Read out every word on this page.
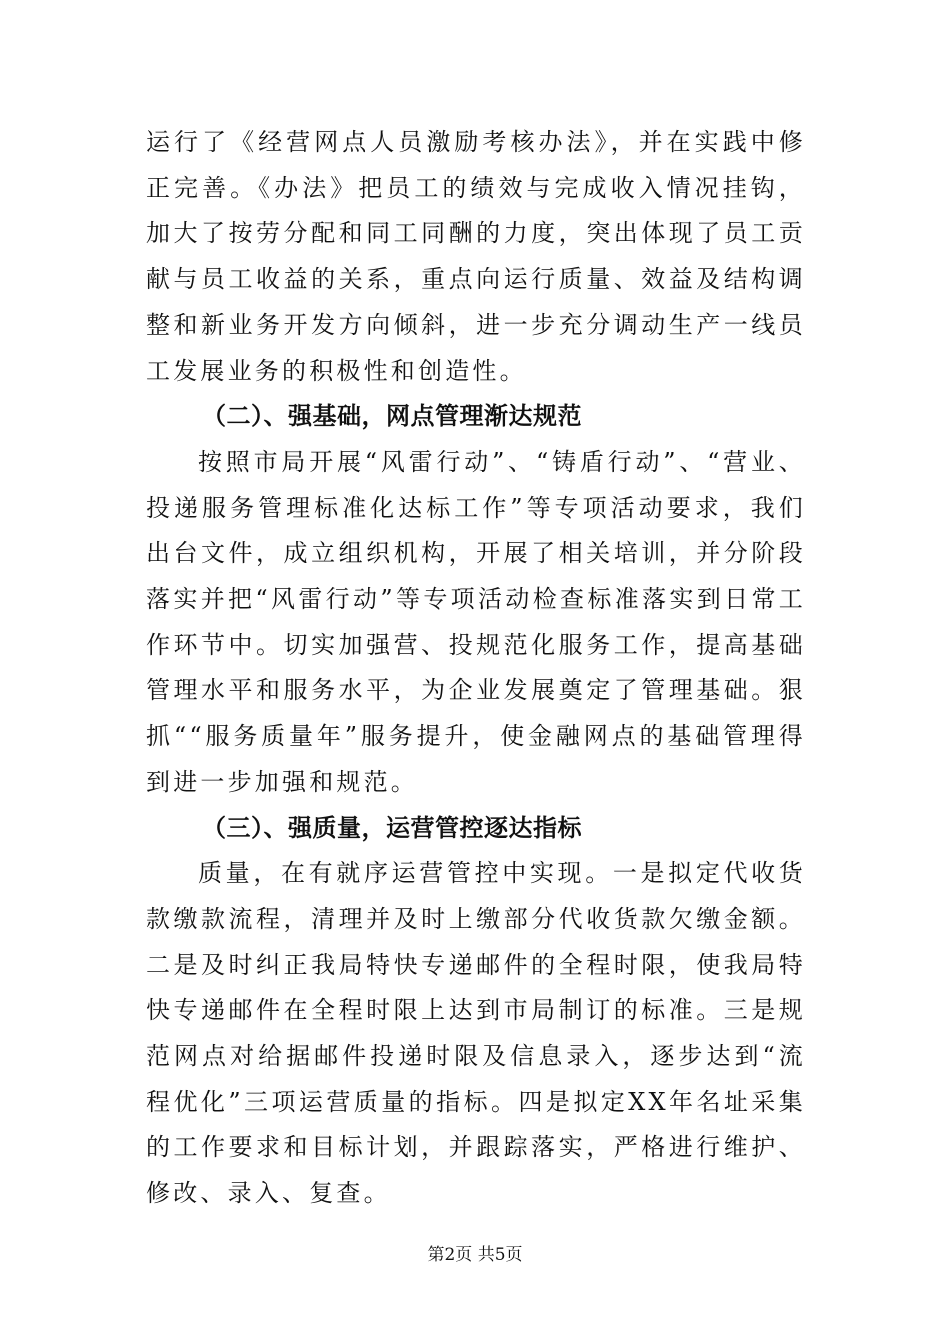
运行了《经营网点人员激励考核办法》，并在实践中修正完善。《办法》把员工的绩效与完成收入情况挂钩，加大了按劳分配和同工同酬的力度，突出体现了员工贡献与员工收益的关系，重点向运行质量、效益及结构调整和新业务开发方向倾斜，进一步充分调动生产一线员工发展业务的积极性和创造性。

（二）、强基础，网点管理渐达规范

按照市局开展“风雷行动”、“铸盾行动”、“营业、投递服务管理标准化达标工作”等专项活动要求，我们出台文件，成立组织机构，开展了相关培训，并分阶段落实并把“风雷行动”等专项活动检查标准落实到日常工作环节中。切实加强营、投规范化服务工作，提高基础管理水平和服务水平，为企业发展奠定了管理基础。狠抓““服务质量年”服务提升，使金融网点的基础管理得到进一步加强和规范。

（三）、强质量，运营管控逐达指标

质量，在有就序运营管控中实现。一是拟定代收货款缴款流程，清理并及时上缴部分代收货款欠缴金额。二是及时纠正我局特快专递邮件的全程时限，使我局特快专递邮件在全程时限上达到市局制订的标准。三是规范网点对给据邮件投递时限及信息录入，逐步达到“流程优化”三项运营质量的指标。四是拟定XX年名址采集的工作要求和目标计划，并跟踪落实，严格进行维护、修改、录入、复查。

第2页 共5页
